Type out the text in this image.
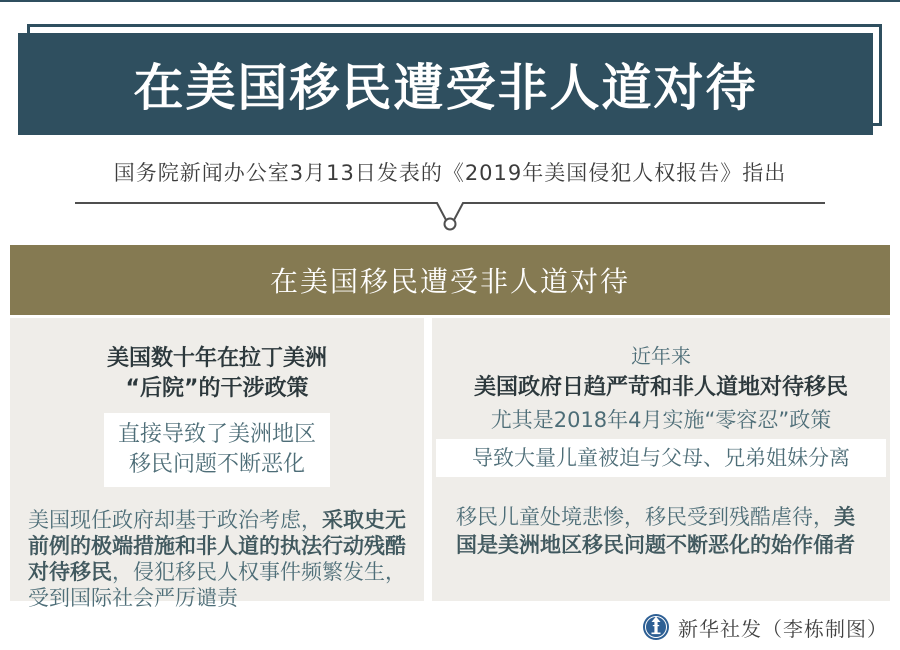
在美国移民遭受非人道对待
国务院新闻办公室3月13日发表的《2019年美国侵犯人权报告》指出
在美国移民遭受非人道对待
美国数十年在拉丁美洲
“后院”的干涉政策
直接导致了美洲地区
移民问题不断恶化

美国现任政府却基于政治考虑，采取史无前例的极端措施和非人道的执法行动残酷对待移民，侵犯移民人权事件频繁发生，受到国际社会严厉谴责

近年来
美国政府日趋严苛和非人道地对待移民
尤其是2018年4月实施“零容忍”政策
导致大量儿童被迫与父母、兄弟姐妹分离

移民儿童处境悲惨，移民受到残酷虐待，美国是美洲地区移民问题不断恶化的始作俑者

新华社发（李栋制图）
